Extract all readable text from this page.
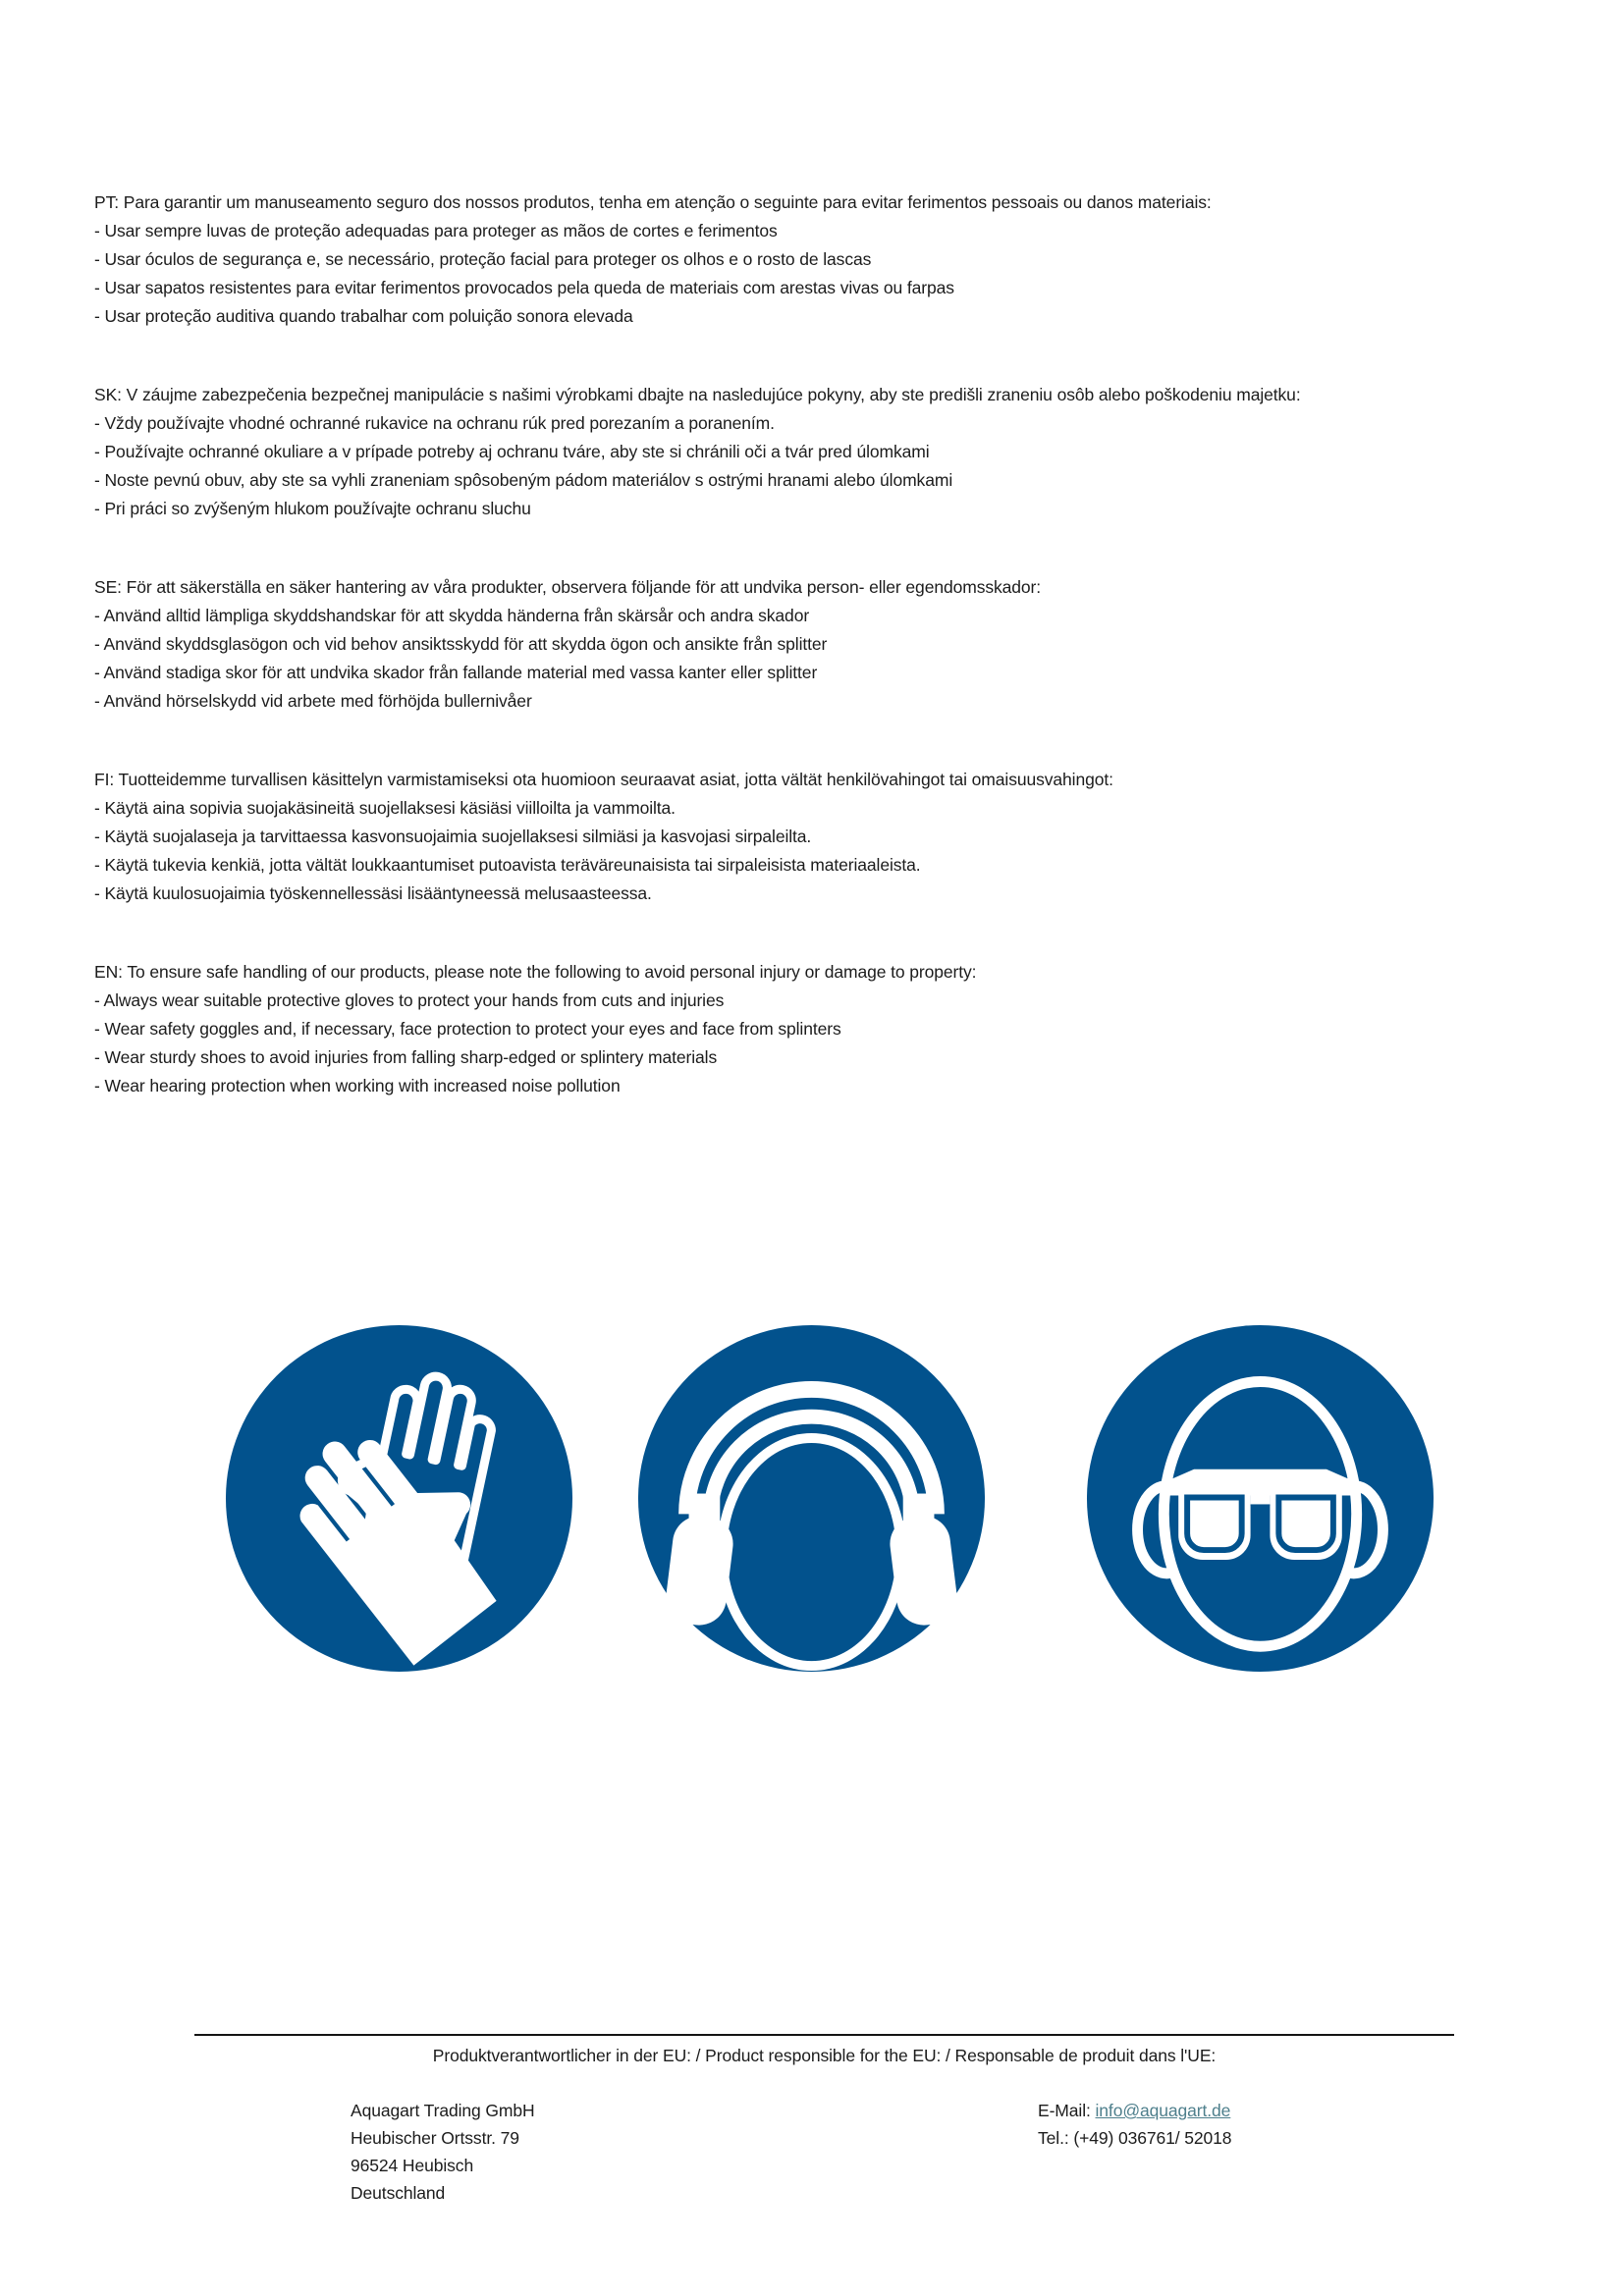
PT: Para garantir um manuseamento seguro dos nossos produtos, tenha em atenção o seguinte para evitar ferimentos pessoais ou danos materiais:

- Usar sempre luvas de proteção adequadas para proteger as mãos de cortes e ferimentos

- Usar óculos de segurança e, se necessário, proteção facial para proteger os olhos e o rosto de lascas

- Usar sapatos resistentes para evitar ferimentos provocados pela queda de materiais com arestas vivas ou farpas

- Usar proteção auditiva quando trabalhar com poluição sonora elevada

SK: V záujme zabezpečenia bezpečnej manipulácie s našimi výrobkami dbajte na nasledujúce pokyny, aby ste predišli zraneniu osôb alebo poškodeniu majetku:

- Vždy používajte vhodné ochranné rukavice na ochranu rúk pred porezaním a poranením.

- Používajte ochranné okuliare a v prípade potreby aj ochranu tváre, aby ste si chránili oči a tvár pred úlomkami

- Noste pevnú obuv, aby ste sa vyhli zraneniam spôsobeným pádom materiálov s ostrými hranami alebo úlomkami

- Pri práci so zvýšeným hlukom používajte ochranu sluchu

SE: För att säkerställa en säker hantering av våra produkter, observera följande för att undvika person- eller egendomsskador:

- Använd alltid lämpliga skyddshandskar för att skydda händerna från skärsår och andra skador

- Använd skyddsglasögon och vid behov ansiktsskydd för att skydda ögon och ansikte från splitter

- Använd stadiga skor för att undvika skador från fallande material med vassa kanter eller splitter

- Använd hörselskydd vid arbete med förhöjda bullernivåer

FI: Tuotteidemme turvallisen käsittelyn varmistamiseksi ota huomioon seuraavat asiat, jotta vältät henkilövahingot tai omaisuusvahingot:

- Käytä aina sopivia suojakäsineitä suojellaksesi käsiäsi viilloilta ja vammoilta.

- Käytä suojalaseja ja tarvittaessa kasvonsuojaimia suojellaksesi silmiäsi ja kasvojasi sirpaleilta.

- Käytä tukevia kenkiä, jotta vältät loukkaantumiset putoavista teräväreunaisista tai sirpaleisista materiaaleista.

- Käytä kuulosuojaimia työskennellessäsi lisääntyneessä melusaasteessa.

EN: To ensure safe handling of our products, please note the following to avoid personal injury or damage to property:

- Always wear suitable protective gloves to protect your hands from cuts and injuries

- Wear safety goggles and, if necessary, face protection to protect your eyes and face from splinters

- Wear sturdy shoes to avoid injuries from falling sharp-edged or splintery materials

- Wear hearing protection when working with increased noise pollution

Produktverantwortlicher in der EU: / Product responsible for the EU: / Responsable de produit dans l'UE:

Aquagart Trading GmbH

Heubischer Ortsstr. 79

96524 Heubisch

Deutschland

E-Mail: info@aquagart.de

Tel.: (+49) 036761/ 52018
